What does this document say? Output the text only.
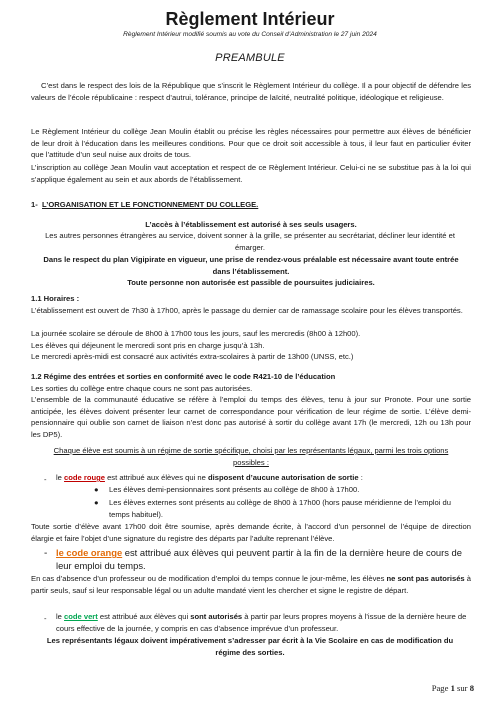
Règlement Intérieur
Règlement Intérieur modifié soumis au vote du Conseil d’Administration le 27 juin 2024
PREAMBULE

C’est dans le respect des lois de la République que s’inscrit le Règlement Intérieur du collège. Il a pour objectif de défendre les valeurs de l’école républicaine : respect d’autrui, tolérance, principe de laïcité, neutralité politique, idéologique et religieuse.

Le Règlement Intérieur du collège Jean Moulin établit ou précise les règles nécessaires pour permettre aux élèves de bénéficier de leur droit à l’éducation dans les meilleures conditions. Pour que ce droit soit accessible à tous, il leur faut en particulier éviter que l’attitude d’un seul nuise aux droits de tous.

L’inscription au collège Jean Moulin vaut acceptation et respect de ce Règlement Intérieur. Celui-ci ne se substitue pas à la loi qui s’applique également au sein et aux abords de l’établissement.

1- L’ORGANISATION ET LE FONCTIONNEMENT DU COLLEGE.
L’accès à l’établissement est autorisé à ses seuls usagers.
Les autres personnes étrangères au service, doivent sonner à la grille, se présenter au secrétariat, décliner leur identité et émarger.
Dans le respect du plan Vigipirate en vigueur, une prise de rendez-vous préalable est nécessaire avant toute entrée dans l’établissement.
Toute personne non autorisée est passible de poursuites judiciaires.
1.1 Horaires :

L’établissement est ouvert de 7h30 à 17h00, après le passage du dernier car de ramassage scolaire pour les élèves transportés.

La journée scolaire se déroule de 8h00 à 17h00 tous les jours, sauf les mercredis (8h00 à 12h00).

Les élèves qui déjeunent le mercredi sont pris en charge jusqu’à 13h.

Le mercredi après-midi est consacré aux activités extra-scolaires à partir de 13h00 (UNSS, etc.)

1.2 Régime des entrées et sorties en conformité avec le code R421-10 de l’éducation

Les sorties du collège entre chaque cours ne sont pas autorisées.

L’ensemble de la communauté éducative se réfère à l’emploi du temps des élèves, tenu à jour sur Pronote. Pour une sortie anticipée, les élèves doivent présenter leur carnet de correspondance pour vérification de leur régime de sortie. L’élève demi-pensionnaire qui oublie son carnet de liaison n’est donc pas autorisé à sortir du collège avant 17h (le mercredi, 12h ou 13h pour les DP5).

Chaque élève est soumis à un régime de sortie spécifique, choisi par les représentants légaux, parmi les trois options possibles :
- le code rouge est attribué aux élèves qui ne disposent d’aucune autorisation de sortie :
● Les élèves demi-pensionnaires sont présents au collège de 8h00 à 17h00.
● Les élèves externes sont présents au collège de 8h00 à 17h00 (hors pause méridienne de l’emploi du temps habituel).

Toute sortie d’élève avant 17h00 doit être soumise, après demande écrite, à l’accord d’un personnel de l’équipe de direction élargie et faire l’objet d’une signature du registre des départs par l’adulte reprenant l’élève.

- le code orange est attribué aux élèves qui peuvent partir à la fin de la dernière heure de cours de leur emploi du temps.

En cas d’absence d’un professeur ou de modification d’emploi du temps connue le jour-même, les élèves ne sont pas autorisés à partir seuls, sauf si leur responsable légal ou un adulte mandaté vient les chercher et signe le registre de départ.

- le code vert est attribué aux élèves qui sont autorisés à partir par leurs propres moyens à l’issue de la dernière heure de cours effective de la journée, y compris en cas d’absence imprévue d’un professeur.
Les représentants légaux doivent impérativement s’adresser par écrit à la Vie Scolaire en cas de modification du régime des sorties.
Page 1 sur 8
